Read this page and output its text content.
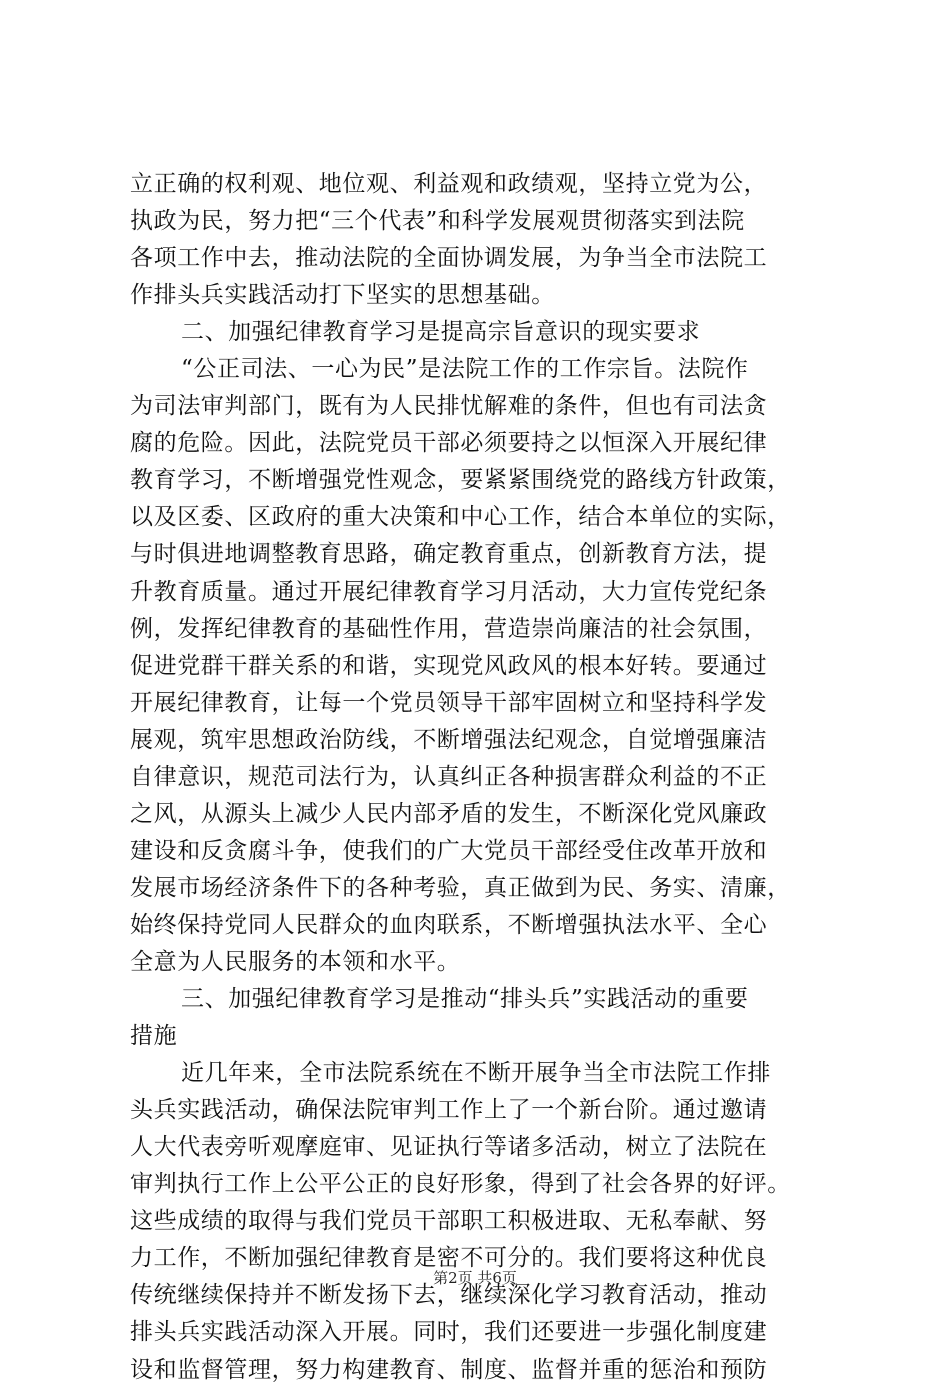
立正确的权利观、地位观、利益观和政绩观，坚持立党为公，
执政为民，努力把“三个代表”和科学发展观贯彻落实到法院
各项工作中去，推动法院的全面协调发展，为争当全市法院工
作排头兵实践活动打下坚实的思想基础。
二、加强纪律教育学习是提高宗旨意识的现实要求
“公正司法、一心为民”是法院工作的工作宗旨。法院作
为司法审判部门，既有为人民排忧解难的条件，但也有司法贪
腐的危险。因此，法院党员干部必须要持之以恒深入开展纪律
教育学习，不断增强党性观念，要紧紧围绕党的路线方针政策，
以及区委、区政府的重大决策和中心工作，结合本单位的实际，
与时俱进地调整教育思路，确定教育重点，创新教育方法，提
升教育质量。通过开展纪律教育学习月活动，大力宣传党纪条
例，发挥纪律教育的基础性作用，营造崇尚廉洁的社会氛围，
促进党群干群关系的和谐，实现党风政风的根本好转。要通过
开展纪律教育，让每一个党员领导干部牢固树立和坚持科学发
展观，筑牢思想政治防线，不断增强法纪观念，自觉增强廉洁
自律意识，规范司法行为，认真纠正各种损害群众利益的不正
之风，从源头上减少人民内部矛盾的发生，不断深化党风廉政
建设和反贪腐斗争，使我们的广大党员干部经受住改革开放和
发展市场经济条件下的各种考验，真正做到为民、务实、清廉，
始终保持党同人民群众的血肉联系，不断增强执法水平、全心
全意为人民服务的本领和水平。
三、加强纪律教育学习是推动“排头兵”实践活动的重要
措施
近几年来，全市法院系统在不断开展争当全市法院工作排
头兵实践活动，确保法院审判工作上了一个新台阶。通过邀请
人大代表旁听观摩庭审、见证执行等诸多活动，树立了法院在
审判执行工作上公平公正的良好形象，得到了社会各界的好评。
这些成绩的取得与我们党员干部职工积极进取、无私奉献、努
力工作，不断加强纪律教育是密不可分的。我们要将这种优良
传统继续保持并不断发扬下去，继续深化学习教育活动，推动
排头兵实践活动深入开展。同时，我们还要进一步强化制度建
设和监督管理，努力构建教育、制度、监督并重的惩治和预防
第2页 共6页
